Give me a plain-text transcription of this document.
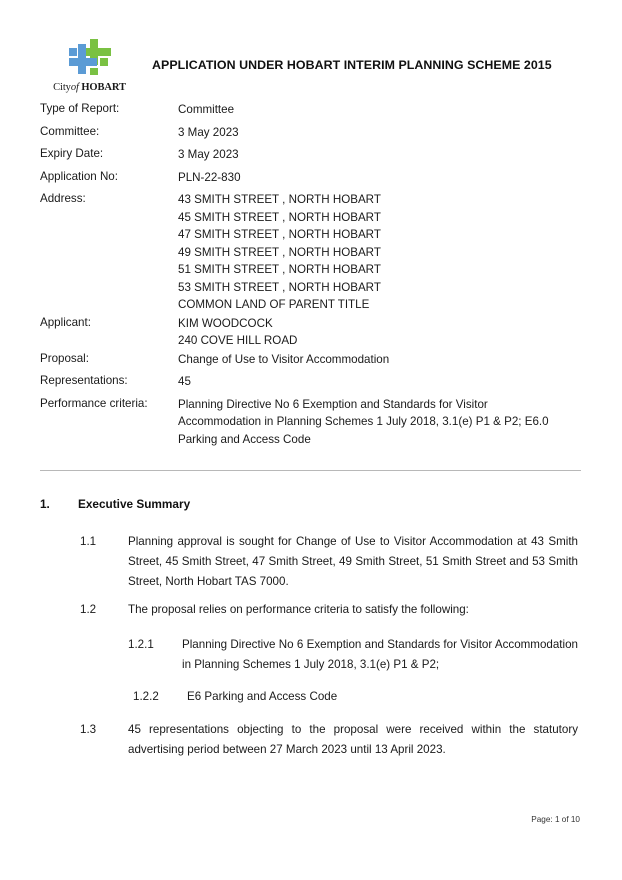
Cityof HOBART
APPLICATION UNDER HOBART INTERIM PLANNING SCHEME 2015
Type of Report:	Committee
Committee:	3 May 2023
Expiry Date:	3 May 2023
Application No:	PLN-22-830
Address:	43 SMITH STREET , NORTH HOBART
45 SMITH STREET , NORTH HOBART
47 SMITH STREET , NORTH HOBART
49 SMITH STREET , NORTH HOBART
51 SMITH STREET , NORTH HOBART
53 SMITH STREET , NORTH HOBART
COMMON LAND OF PARENT TITLE
Applicant:	KIM WOODCOCK
240 COVE HILL ROAD
Proposal:	Change of Use to Visitor Accommodation
Representations:	45
Performance criteria:	Planning Directive No 6 Exemption and Standards for Visitor
Accommodation in Planning Schemes 1 July 2018, 3.1(e) P1 & P2; E6.0
Parking and Access Code
1.	Executive Summary
1.1	Planning approval is sought for Change of Use to Visitor Accommodation at 43 Smith Street, 45 Smith Street, 47 Smith Street, 49 Smith Street, 51 Smith Street and 53 Smith Street, North Hobart TAS 7000.
1.2	The proposal relies on performance criteria to satisfy the following:
1.2.1	Planning Directive No 6 Exemption and Standards for Visitor Accommodation in Planning Schemes 1 July 2018, 3.1(e) P1 & P2;
1.2.2	E6 Parking and Access Code
1.3	45 representations objecting to the proposal were received within the statutory advertising period between 27 March 2023 until 13 April 2023.
Page: 1 of 10
